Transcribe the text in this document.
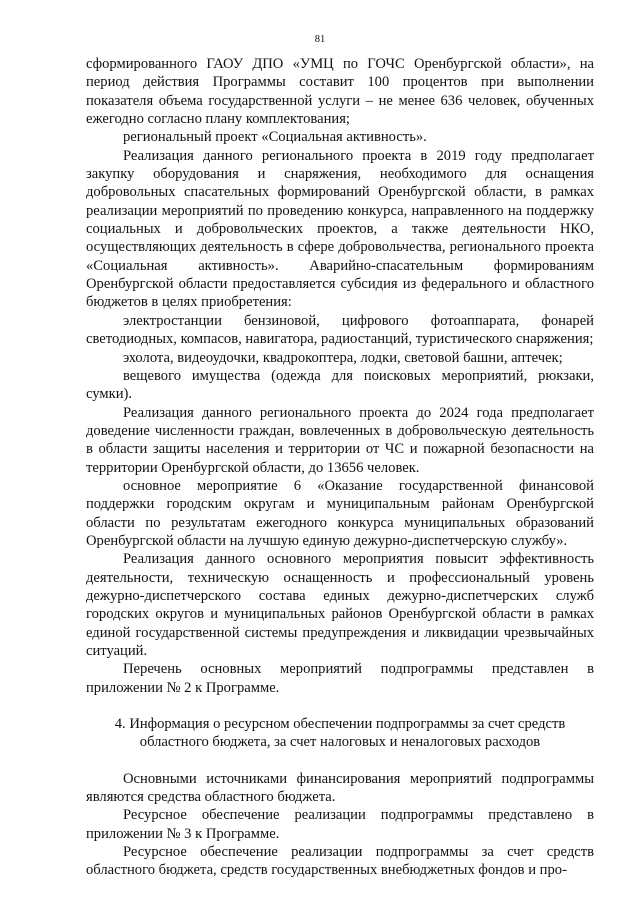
81

сформированного ГАОУ ДПО «УМЦ по ГОЧС Оренбургской области», на период действия Программы составит 100 процентов при выполнении показателя объема государственной услуги – не менее 636 человек, обученных ежегодно согласно плану комплектования;

региональный проект «Социальная активность».

Реализация данного регионального проекта в 2019 году предполагает закупку оборудования и снаряжения, необходимого для оснащения добровольных спасательных формирований Оренбургской области, в рамках реализации мероприятий по проведению конкурса, направленного на поддержку социальных и добровольческих проектов, а также деятельности НКО, осуществляющих деятельность в сфере добровольчества, регионального проекта «Социальная активность». Аварийно-спасательным формированиям Оренбургской области предоставляется субсидия из федерального и областного бюджетов в целях приобретения:

электростанции бензиновой, цифрового фотоаппарата, фонарей светодиодных, компасов, навигатора, радиостанций, туристического снаряжения;

эхолота, видеоудочки, квадрокоптера, лодки, световой башни, аптечек;

вещевого имущества (одежда для поисковых мероприятий, рюкзаки, сумки).

Реализация данного регионального проекта до 2024 года предполагает доведение численности граждан, вовлеченных в добровольческую деятельность в области защиты населения и территории от ЧС и пожарной безопасности на территории Оренбургской области, до 13656 человек.

основное мероприятие 6 «Оказание государственной финансовой поддержки городским округам и муниципальным районам Оренбургской области по результатам ежегодного конкурса муниципальных образований Оренбургской области на лучшую единую дежурно-диспетчерскую службу».

Реализация данного основного мероприятия повысит эффективность деятельности, техническую оснащенность и профессиональный уровень дежурно-диспетчерского состава единых дежурно-диспетчерских служб городских округов и муниципальных районов Оренбургской области в рамках единой государственной системы предупреждения и ликвидации чрезвычайных ситуаций.

Перечень основных мероприятий подпрограммы представлен в приложении № 2 к Программе.

4. Информация о ресурсном обеспечении подпрограммы за счет средств
областного бюджета, за счет налоговых и неналоговых расходов

Основными источниками финансирования мероприятий подпрограммы являются средства областного бюджета.

Ресурсное обеспечение реализации подпрограммы представлено в приложении № 3 к Программе.

Ресурсное обеспечение реализации подпрограммы за счет средств областного бюджета, средств государственных внебюджетных фондов и про-
